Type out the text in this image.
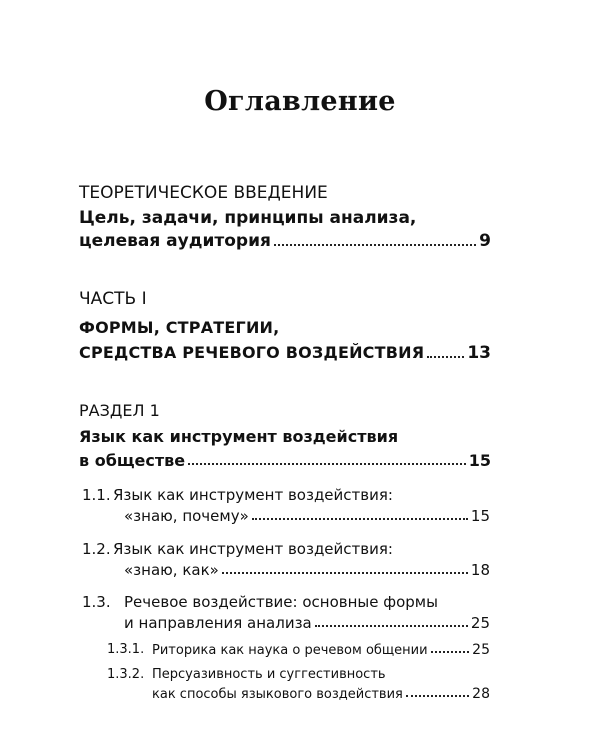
Оглавление
ТЕОРЕТИЧЕСКОЕ ВВЕДЕНИЕ
Цель, задачи, принципы анализа,
целевая аудитория	9
ЧАСТЬ I
ФОРМЫ, СТРАТЕГИИ,
СРЕДСТВА РЕЧЕВОГО ВОЗДЕЙСТВИЯ	13
РАЗДЕЛ 1
Язык как инструмент воздействия
в обществе	15
1.1. Язык как инструмент воздействия:
«знаю, почему»	15
1.2. Язык как инструмент воздействия:
«знаю, как»	18
1.3. Речевое воздействие: основные формы
и направления анализа	25
1.3.1. Риторика как наука о речевом общении	25
1.3.2. Персуазивность и суггестивность
как способы языкового воздействия	28
